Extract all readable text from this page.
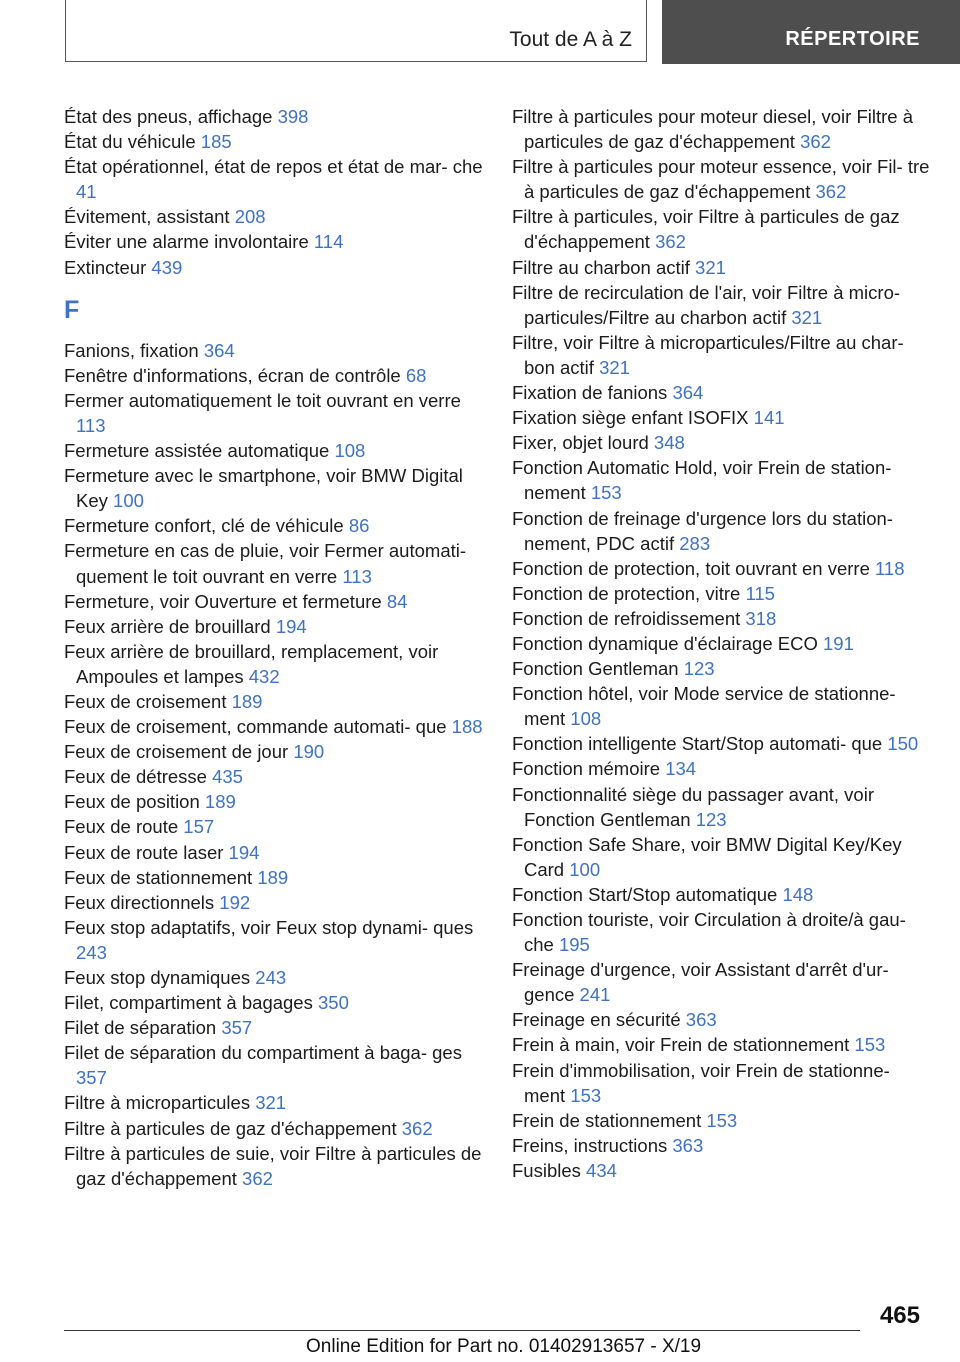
Tout de A à Z	RÉPERTOIRE
État des pneus, affichage 398
État du véhicule 185
État opérationnel, état de repos et état de mar- che 41
Évitement, assistant 208
Éviter une alarme involontaire 114
Extincteur 439
F
Fanions, fixation 364
Fenêtre d'informations, écran de contrôle 68
Fermer automatiquement le toit ouvrant en verre 113
Fermeture assistée automatique 108
Fermeture avec le smartphone, voir BMW Digital Key 100
Fermeture confort, clé de véhicule 86
Fermeture en cas de pluie, voir Fermer automati- quement le toit ouvrant en verre 113
Fermeture, voir Ouverture et fermeture 84
Feux arrière de brouillard 194
Feux arrière de brouillard, remplacement, voir Ampoules et lampes 432
Feux de croisement 189
Feux de croisement, commande automati- que 188
Feux de croisement de jour 190
Feux de détresse 435
Feux de position 189
Feux de route 157
Feux de route laser 194
Feux de stationnement 189
Feux directionnels 192
Feux stop adaptatifs, voir Feux stop dynami- ques 243
Feux stop dynamiques 243
Filet, compartiment à bagages 350
Filet de séparation 357
Filet de séparation du compartiment à baga- ges 357
Filtre à microparticules 321
Filtre à particules de gaz d'échappement 362
Filtre à particules de suie, voir Filtre à particules de gaz d'échappement 362
Filtre à particules pour moteur diesel, voir Filtre à particules de gaz d'échappement 362
Filtre à particules pour moteur essence, voir Fil- tre à particules de gaz d'échappement 362
Filtre à particules, voir Filtre à particules de gaz d'échappement 362
Filtre au charbon actif 321
Filtre de recirculation de l'air, voir Filtre à micro- particules/Filtre au charbon actif 321
Filtre, voir Filtre à microparticules/Filtre au char- bon actif 321
Fixation de fanions 364
Fixation siège enfant ISOFIX 141
Fixer, objet lourd 348
Fonction Automatic Hold, voir Frein de station- nement 153
Fonction de freinage d'urgence lors du station- nement, PDC actif 283
Fonction de protection, toit ouvrant en verre 118
Fonction de protection, vitre 115
Fonction de refroidissement 318
Fonction dynamique d'éclairage ECO 191
Fonction Gentleman 123
Fonction hôtel, voir Mode service de stationne- ment 108
Fonction intelligente Start/Stop automati- que 150
Fonction mémoire 134
Fonctionnalité siège du passager avant, voir Fonction Gentleman 123
Fonction Safe Share, voir BMW Digital Key/Key Card 100
Fonction Start/Stop automatique 148
Fonction touriste, voir Circulation à droite/à gau- che 195
Freinage d'urgence, voir Assistant d'arrêt d'ur- gence 241
Freinage en sécurité 363
Frein à main, voir Frein de stationnement 153
Frein d'immobilisation, voir Frein de stationne- ment 153
Frein de stationnement 153
Freins, instructions 363
Fusibles 434
465
Online Edition for Part no. 01402913657 - X/19
